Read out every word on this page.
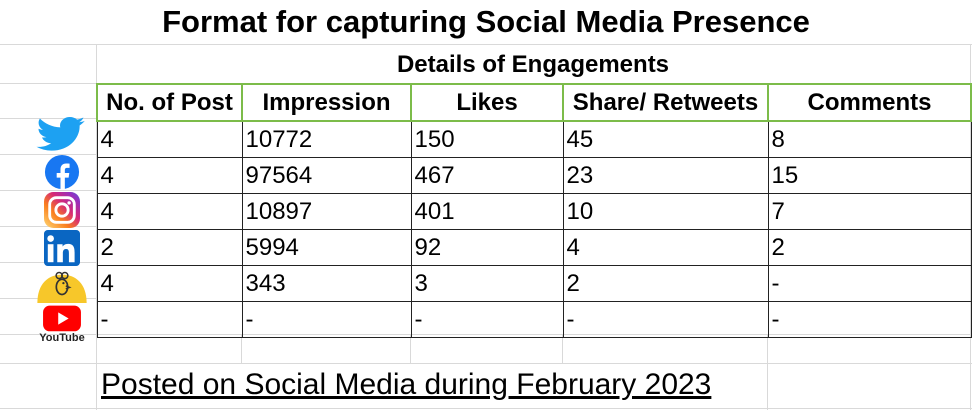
Format for capturing Social Media Presence
Details of Engagements
No. of Post	Impression	Likes	Share/ Retweets	Comments
4	10772	150	45	8
4	97564	467	23	15
4	10897	401	10	7
2	5994	92	4	2
4	343	3	2	-
-	-	-	-	-
YouTube
Posted on Social Media during February 2023
